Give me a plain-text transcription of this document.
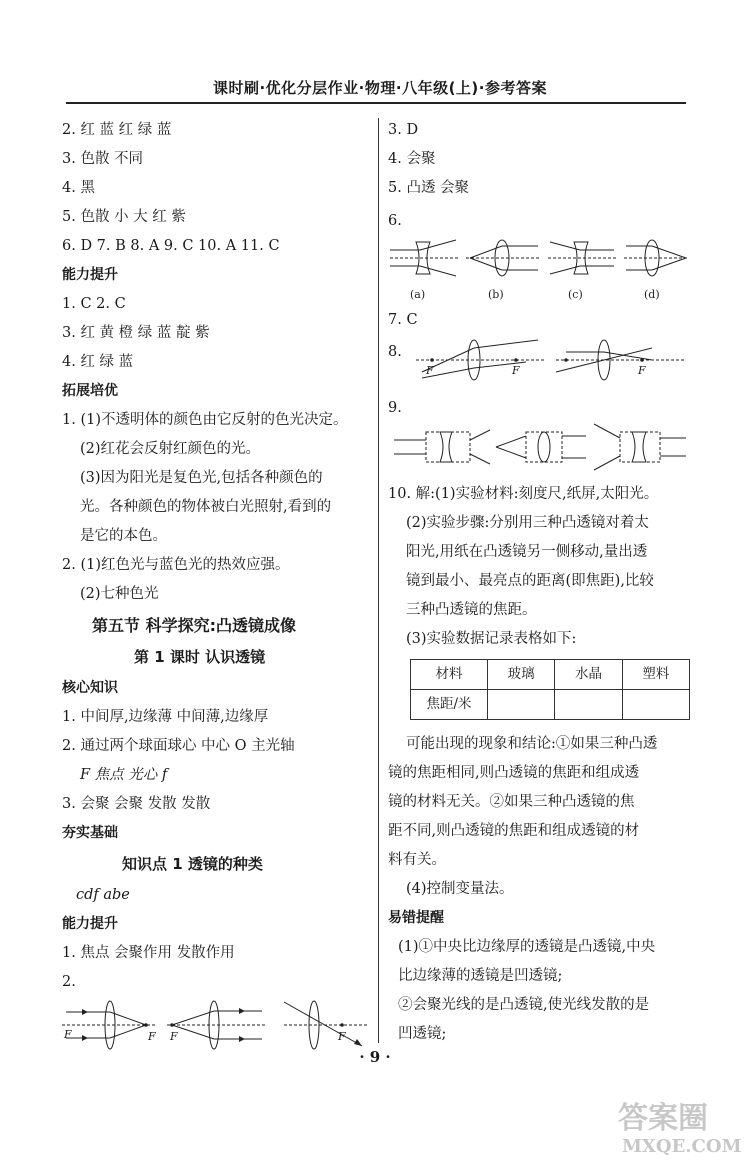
课时刷·优化分层作业·物理·八年级(上)·参考答案
2. 红 蓝 红 绿 蓝
3. 色散 不同
4. 黑
5. 色散 小 大 红 紫
6. D 7. B 8. A 9. C 10. A 11. C
能力提升
1. C 2. C
3. 红 黄 橙 绿 蓝 靛 紫
4. 红 绿 蓝
拓展培优
1. (1)不透明体的颜色由它反射的色光决定。
(2)红花会反射红颜色的光。
(3)因为阳光是复色光,包括各种颜色的
光。各种颜色的物体被白光照射,看到的
是它的本色。
2. (1)红色光与蓝色光的热效应强。
(2)七种色光
第五节 科学探究:凸透镜成像
第 1 课时 认识透镜
核心知识
1. 中间厚,边缘薄 中间薄,边缘厚
2. 通过两个球面球心 中心 O 主光轴
F 焦点 光心 f
3. 会聚 会聚 发散 发散
夯实基础
知识点 1 透镜的种类
cdf abe
能力提升
1. 焦点 会聚作用 发散作用
2.
F	F F	F
3. D
4. 会聚
5. 凸透 会聚
6.
(a)	(b)	(c)	(d)
7. C
8.
F	F	F
9.
10. 解:(1)实验材料:刻度尺,纸屏,太阳光。
(2)实验步骤:分别用三种凸透镜对着太
阳光,用纸在凸透镜另一侧移动,量出透
镜到最小、最亮点的距离(即焦距),比较
三种凸透镜的焦距。
(3)实验数据记录表格如下:
材料	玻璃	水晶	塑料
焦距/米			
可能出现的现象和结论:①如果三种凸透
镜的焦距相同,则凸透镜的焦距和组成透
镜的材料无关。②如果三种凸透镜的焦
距不同,则凸透镜的焦距和组成透镜的材
料有关。
(4)控制变量法。
易错提醒
(1)①中央比边缘厚的透镜是凸透镜,中央
比边缘薄的透镜是凹透镜;
②会聚光线的是凸透镜,使光线发散的是
凹透镜;
· 9 ·
答案圈
MXQE.COM
